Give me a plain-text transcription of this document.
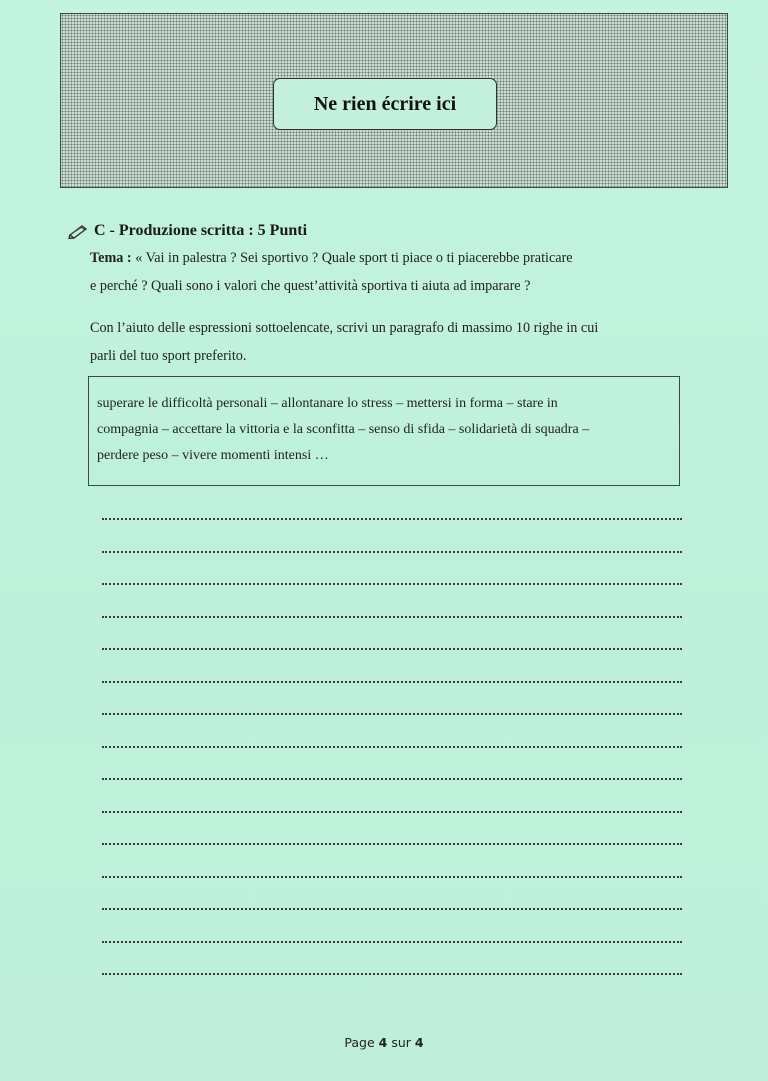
Ne rien écrire ici
C - Produzione scritta : 5 Punti
Tema : « Vai in palestra ? Sei sportivo ? Quale sport ti piace o ti piacerebbe praticare
e perché ? Quali sono i valori che quest’attività sportiva ti aiuta ad imparare ?
Con l’aiuto delle espressioni sottoelencate, scrivi un paragrafo di massimo 10 righe in cui
parli del tuo sport preferito.
superare le difficoltà personali – allontanare lo stress – mettersi in forma – stare in
compagnia – accettare la vittoria e la sconfitta – senso di sfida – solidarietà di squadra –
perdere peso – vivere momenti intensi …
Page 4 sur 4
